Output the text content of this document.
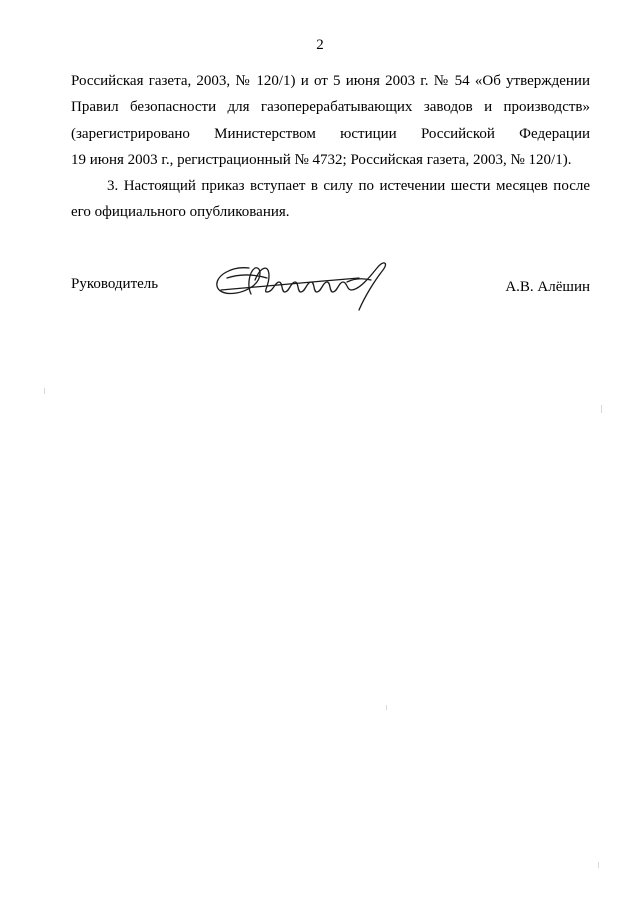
2
Российская газета, 2003, № 120/1) и от 5 июня 2003 г. № 54 «Об утверждении
Правил безопасности для газоперерабатывающих заводов и производств»
(зарегистрировано Министерством юстиции Российской Федерации
19 июня 2003 г., регистрационный № 4732; Российская газета, 2003, № 120/1).
3. Настоящий приказ вступает в силу по истечении шести месяцев после
его официального опубликования.
Руководитель	А.В. Алёшин
